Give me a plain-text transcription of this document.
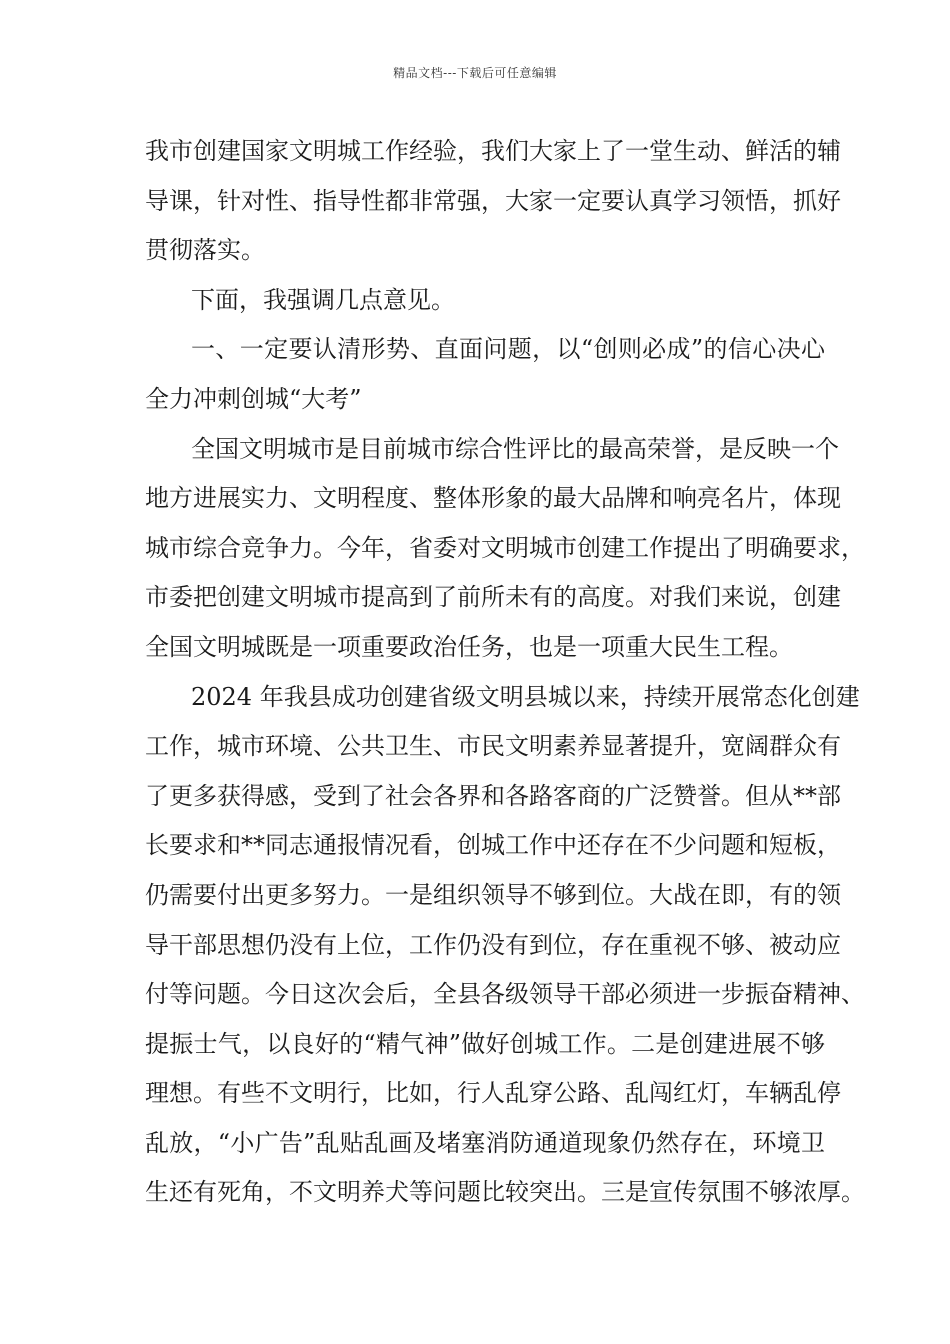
精品文档---下载后可任意编辑
我市创建国家文明城工作经验，我们大家上了一堂生动、鲜活的辅
导课，针对性、指导性都非常强，大家一定要认真学习领悟，抓好
贯彻落实。
下面，我强调几点意见。
一、一定要认清形势、直面问题，以“创则必成”的信心决心
全力冲刺创城“大考”
全国文明城市是目前城市综合性评比的最高荣誉，是反映一个
地方进展实力、文明程度、整体形象的最大品牌和响亮名片，体现
城市综合竞争力。今年，省委对文明城市创建工作提出了明确要求，
市委把创建文明城市提高到了前所未有的高度。对我们来说，创建
全国文明城既是一项重要政治任务，也是一项重大民生工程。
2024 年我县成功创建省级文明县城以来，持续开展常态化创建
工作，城市环境、公共卫生、市民文明素养显著提升，宽阔群众有
了更多获得感，受到了社会各界和各路客商的广泛赞誉。但从**部
长要求和**同志通报情况看，创城工作中还存在不少问题和短板，
仍需要付出更多努力。一是组织领导不够到位。大战在即，有的领
导干部思想仍没有上位，工作仍没有到位，存在重视不够、被动应
付等问题。今日这次会后，全县各级领导干部必须进一步振奋精神、
提振士气，以良好的“精气神”做好创城工作。二是创建进展不够
理想。有些不文明行，比如，行人乱穿公路、乱闯红灯，车辆乱停
乱放，“小广告”乱贴乱画及堵塞消防通道现象仍然存在，环境卫
生还有死角，不文明养犬等问题比较突出。三是宣传氛围不够浓厚。
